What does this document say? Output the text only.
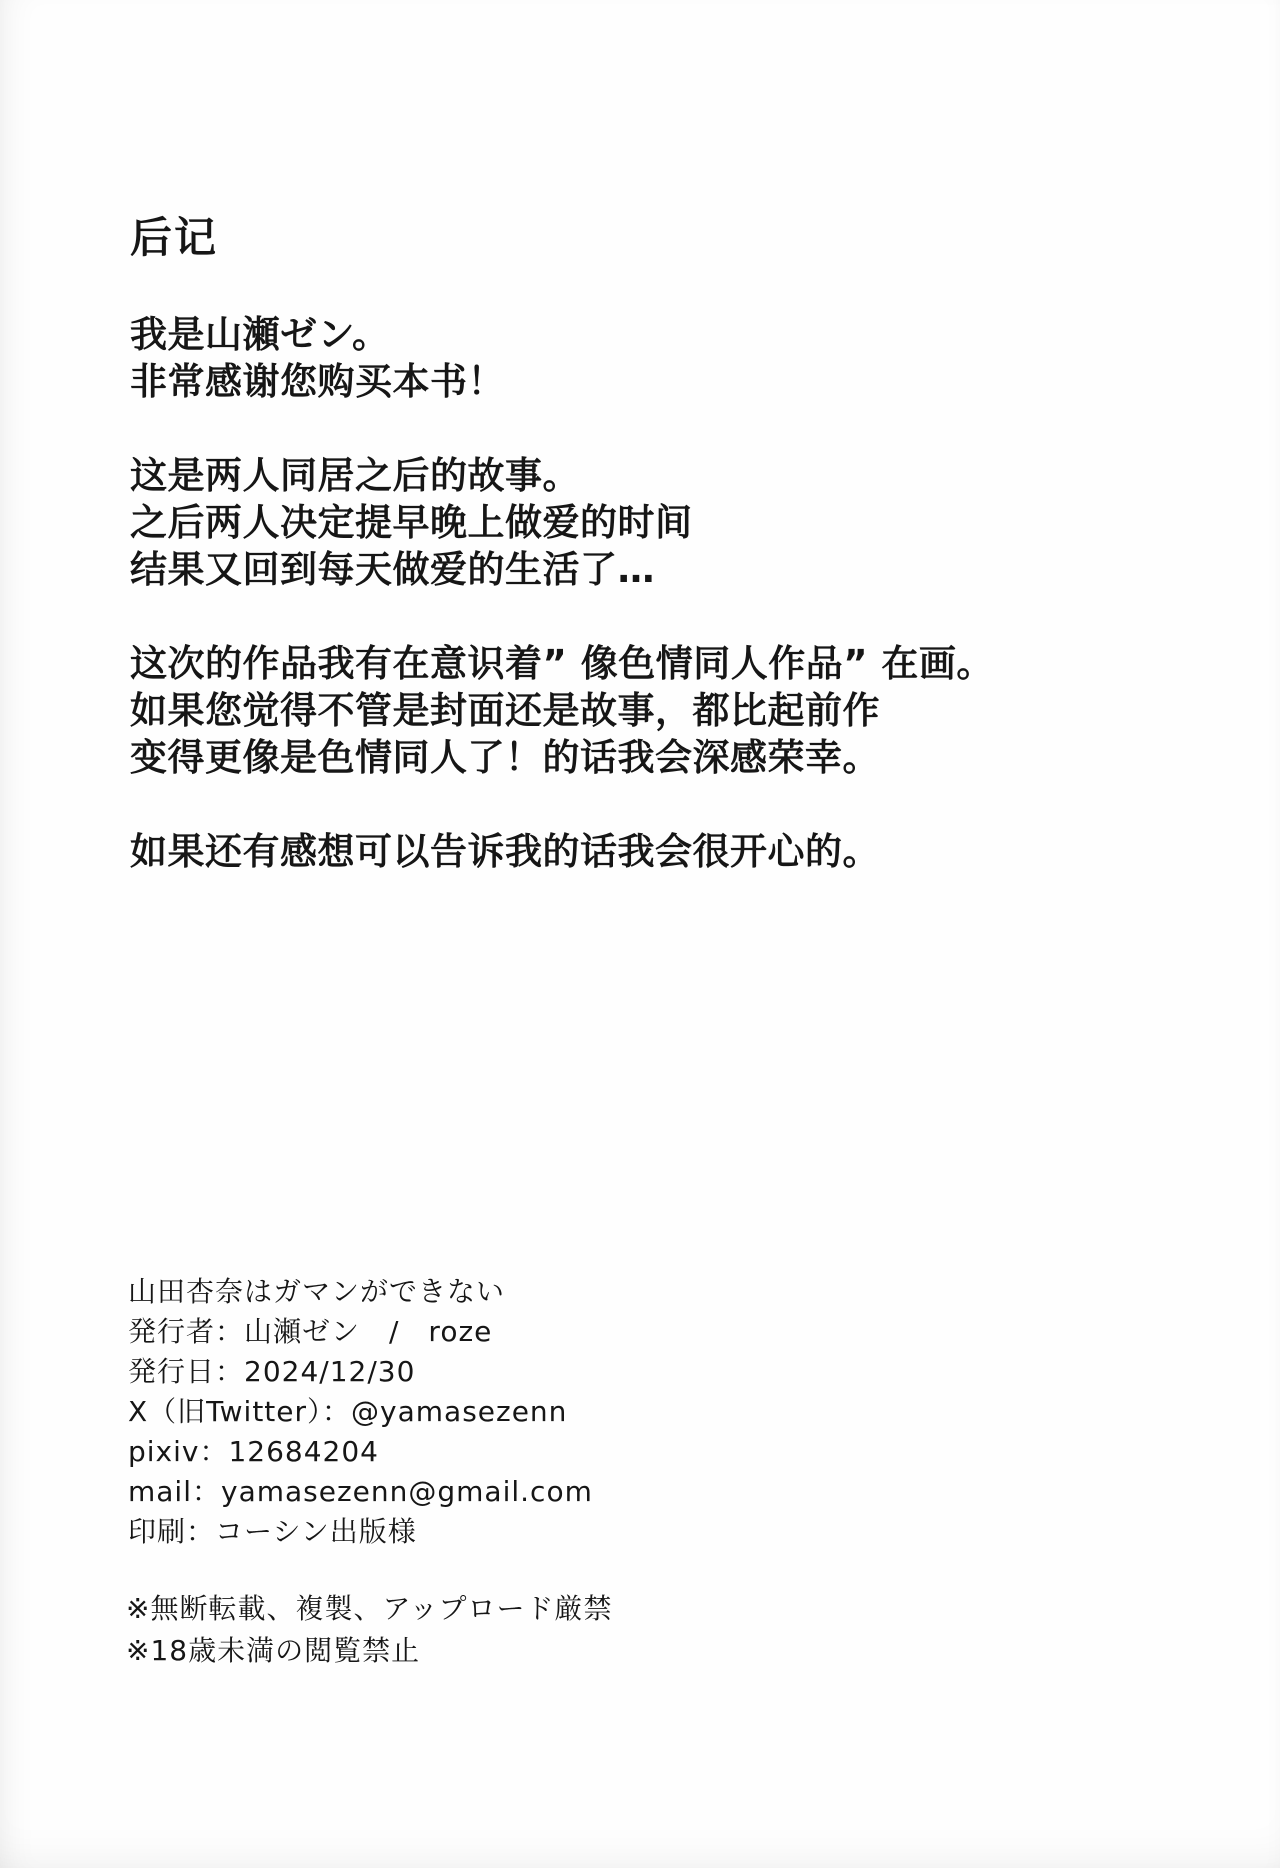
后记
我是山瀬ゼン。
非常感谢您购买本书！
这是两人同居之后的故事。
之后两人决定提早晚上做爱的时间
结果又回到每天做爱的生活了…
这次的作品我有在意识着” 像色情同人作品” 在画。
如果您觉得不管是封面还是故事，都比起前作
变得更像是色情同人了！的话我会深感荣幸。
如果还有感想可以告诉我的话我会很开心的。
山田杏奈はガマンができない
発行者：山瀬ゼン　/　roze
発行日：2024/12/30
X（旧Twitter）：@yamasezenn
pixiv：12684204
mail：yamasezenn@gmail.com
印刷：コーシン出版様
※無断転載、複製、アップロード厳禁
※18歳未満の閲覧禁止
